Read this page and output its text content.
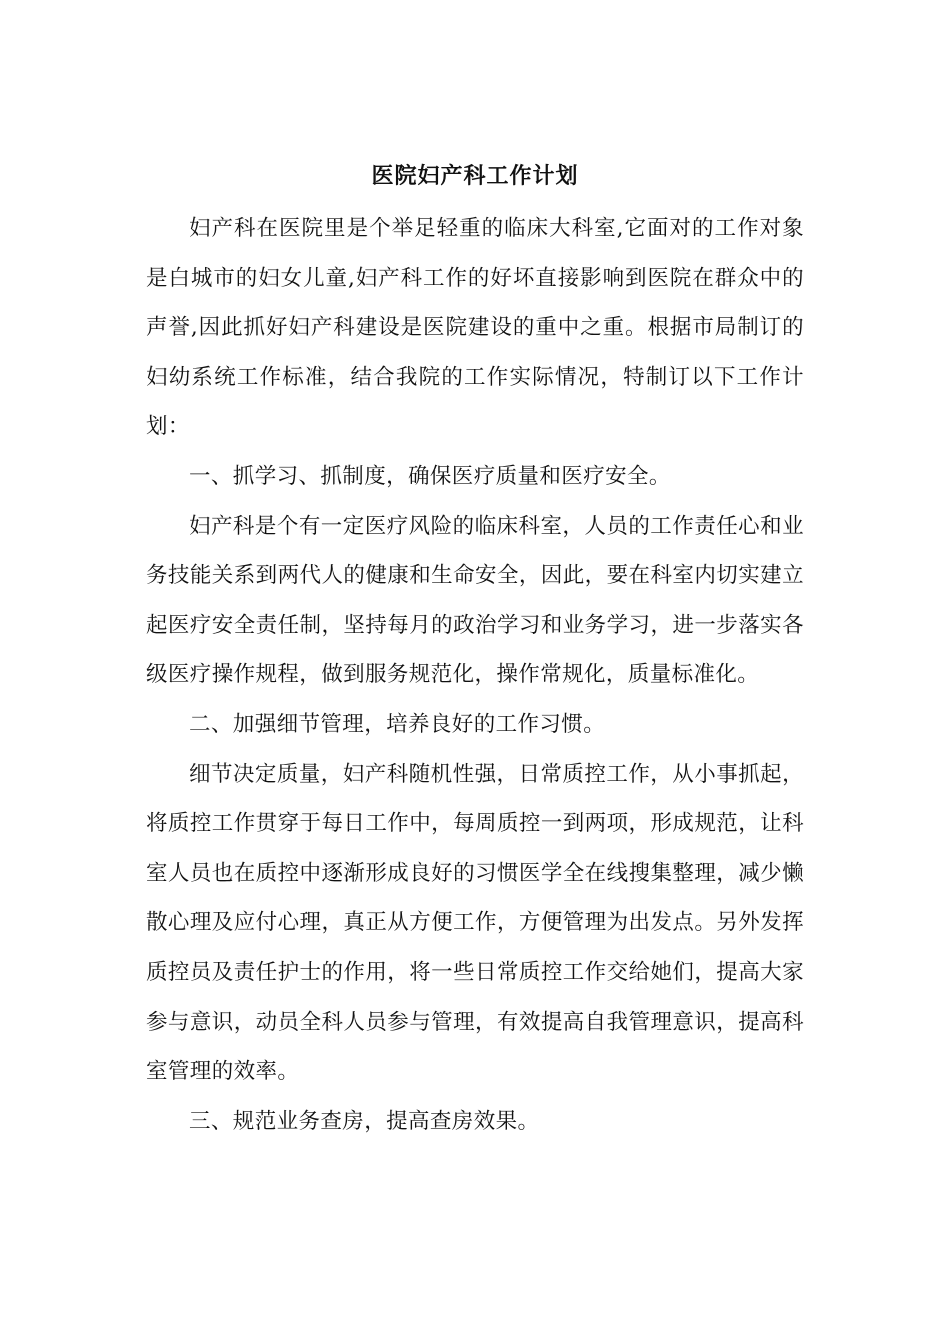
医院妇产科工作计划

妇产科在医院里是个举足轻重的临床大科室,它面对的工作对象是白城市的妇女儿童,妇产科工作的好坏直接影响到医院在群众中的声誉,因此抓好妇产科建设是医院建设的重中之重。根据市局制订的妇幼系统工作标准，结合我院的工作实际情况，特制订以下工作计划：

一、抓学习、抓制度，确保医疗质量和医疗安全。

妇产科是个有一定医疗风险的临床科室，人员的工作责任心和业务技能关系到两代人的健康和生命安全，因此，要在科室内切实建立起医疗安全责任制，坚持每月的政治学习和业务学习，进一步落实各级医疗操作规程，做到服务规范化，操作常规化，质量标准化。

二、加强细节管理，培养良好的工作习惯。

细节决定质量，妇产科随机性强，日常质控工作，从小事抓起，将质控工作贯穿于每日工作中，每周质控一到两项，形成规范，让科室人员也在质控中逐渐形成良好的习惯医学全在线搜集整理，减少懒散心理及应付心理，真正从方便工作，方便管理为出发点。另外发挥质控员及责任护士的作用，将一些日常质控工作交给她们，提高大家参与意识，动员全科人员参与管理，有效提高自我管理意识，提高科室管理的效率。

三、规范业务查房，提高查房效果。
